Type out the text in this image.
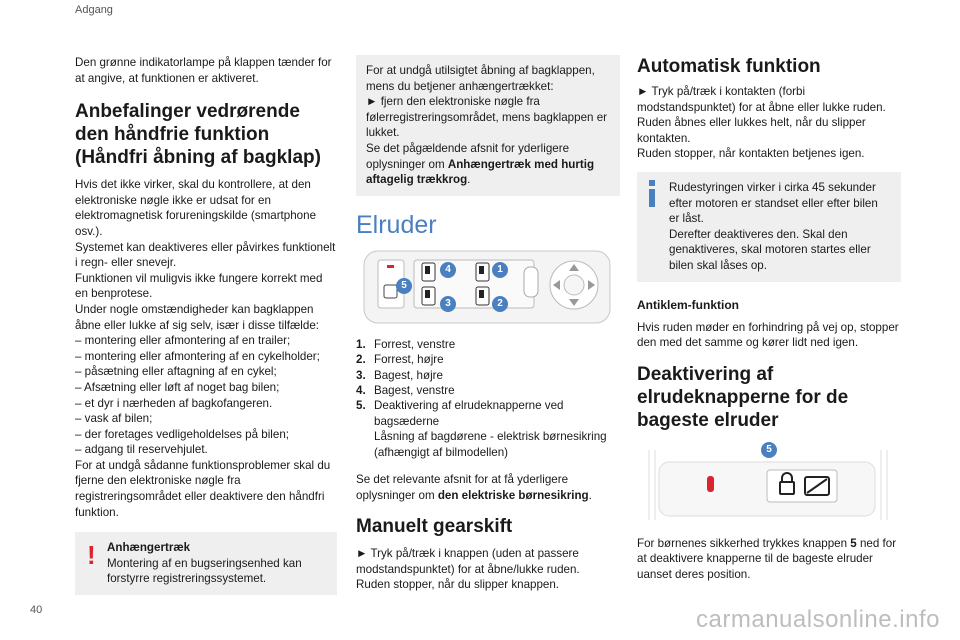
Adgang

Den grønne indikatorlampe på klappen tænder for at angive, at funktionen er aktiveret.

Anbefalinger vedrørende den håndfrie funktion (Håndfri åbning af bagklap)

Hvis det ikke virker, skal du kontrollere, at den elektroniske nøgle ikke er udsat for en elektromagnetisk forureningskilde (smartphone osv.).
Systemet kan deaktiveres eller påvirkes funktionelt i regn- eller snevejr.
Funktionen vil muligvis ikke fungere korrekt med en benprotese.
Under nogle omstændigheder kan bagklappen åbne eller lukke af sig selv, især i disse tilfælde:
– montering eller afmontering af en trailer;
– montering eller afmontering af en cykelholder;
– påsætning eller aftagning af en cykel;
– Afsætning eller løft af noget bag bilen;
– et dyr i nærheden af bagkofangeren.
– vask af bilen;
– der foretages vedligeholdelses på bilen;
– adgang til reservehjulet.
For at undgå sådanne funktionsproblemer skal du fjerne den elektroniske nøgle fra registreringsområdet eller deaktivere den håndfri funktion.

! Anhængertræk

Montering af en bugseringsenhed kan forstyrre registreringssystemet.

For at undgå utilsigtet åbning af bagklappen, mens du betjener anhængertrækket:
► fjern den elektroniske nøgle fra følerregistreringsområdet, mens bagklappen er lukket.
Se det pågældende afsnit for yderligere oplysninger om Anhængertræk med hurtig aftagelig trækkrog.

Elruder
5
4
3
1
2
1. Forrest, venstre
2. Forrest, højre
3. Bagest, højre
4. Bagest, venstre
5. Deaktivering af elrudeknapperne ved bagsæderne
Låsning af bagdørene - elektrisk børnesikring (afhængigt af bilmodellen)

Se det relevante afsnit for at få yderligere oplysninger om den elektriske børnesikring.

Manuelt gearskift

► Tryk på/træk i knappen (uden at passere modstandspunktet) for at åbne/lukke ruden.
Ruden stopper, når du slipper knappen.

Automatisk funktion

► Tryk på/træk i kontakten (forbi modstandspunktet) for at åbne eller lukke ruden. Ruden åbnes eller lukkes helt, når du slipper kontakten.
Ruden stopper, når kontakten betjenes igen.

Rudestyringen virker i cirka 45 sekunder efter motoren er standset eller efter bilen er låst.
Derefter deaktiveres den. Skal den genaktiveres, skal motoren startes eller bilen skal låses op.

Antiklem-funktion

Hvis ruden møder en forhindring på vej op, stopper den med det samme og kører lidt ned igen.

Deaktivering af elrudeknapperne for de bageste elruder
5

For børnenes sikkerhed trykkes knappen 5 ned for at deaktivere knapperne til de bageste elruder uanset deres position.

40	carmanualsonline.info
